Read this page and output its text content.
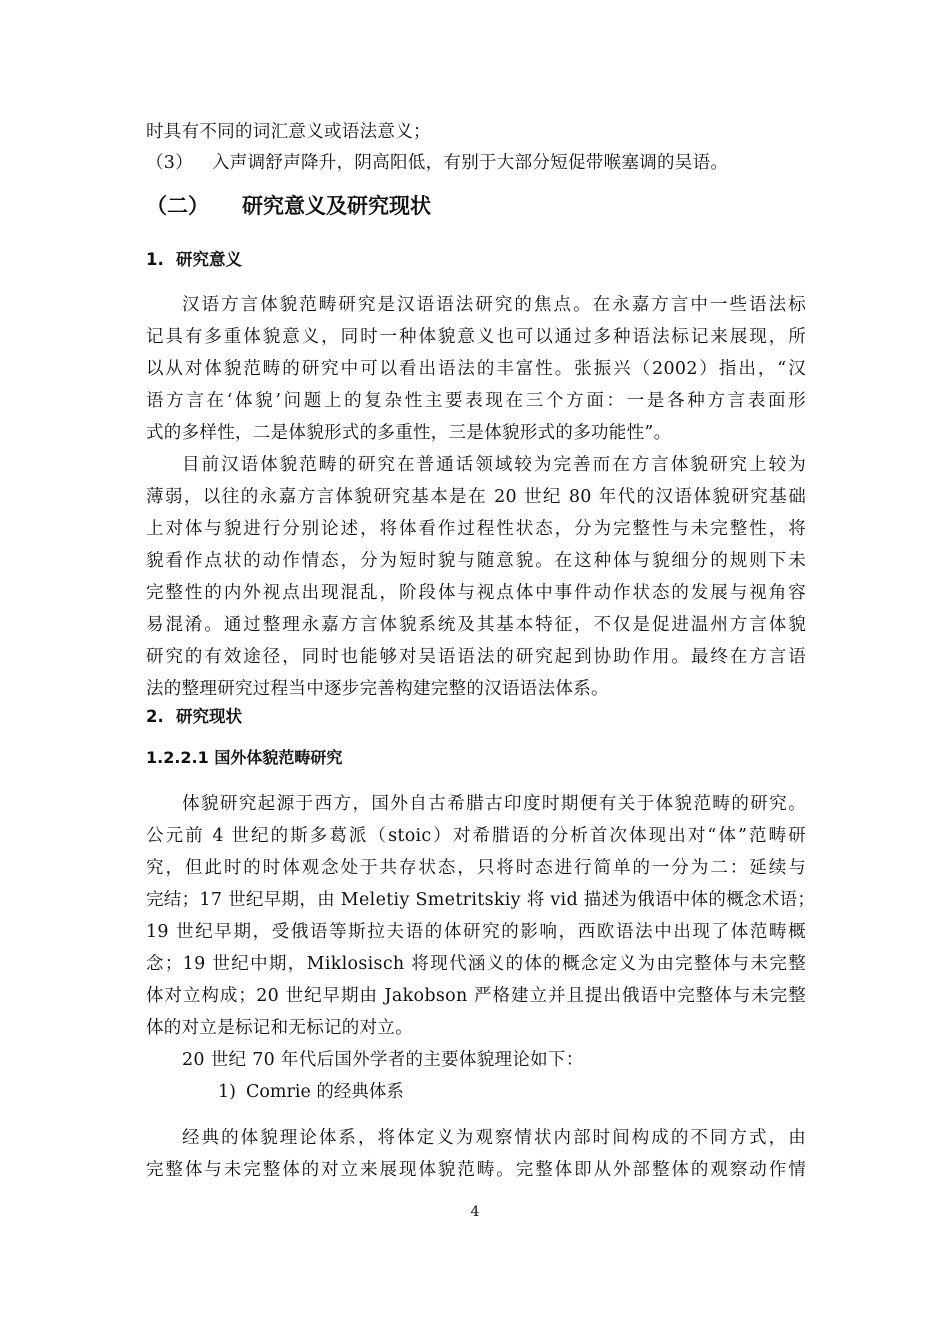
时具有不同的词汇意义或语法意义；
（3） 入声调舒声降升，阴高阳低，有别于大部分短促带喉塞调的吴语。
（二） 研究意义及研究现状
1. 研究意义
汉语方言体貌范畴研究是汉语语法研究的焦点。在永嘉方言中一些语法标
记具有多重体貌意义，同时一种体貌意义也可以通过多种语法标记来展现，所
以从对体貌范畴的研究中可以看出语法的丰富性。张振兴（2002）指出，“汉
语方言在‘体貌’问题上的复杂性主要表现在三个方面：一是各种方言表面形
式的多样性，二是体貌形式的多重性，三是体貌形式的多功能性”。
目前汉语体貌范畴的研究在普通话领域较为完善而在方言体貌研究上较为
薄弱，以往的永嘉方言体貌研究基本是在 20 世纪 80 年代的汉语体貌研究基础
上对体与貌进行分别论述，将体看作过程性状态，分为完整性与未完整性，将
貌看作点状的动作情态，分为短时貌与随意貌。在这种体与貌细分的规则下未
完整性的内外视点出现混乱，阶段体与视点体中事件动作状态的发展与视角容
易混淆。通过整理永嘉方言体貌系统及其基本特征，不仅是促进温州方言体貌
研究的有效途径，同时也能够对吴语语法的研究起到协助作用。最终在方言语
法的整理研究过程当中逐步完善构建完整的汉语语法体系。
2. 研究现状
1.2.2.1 国外体貌范畴研究
体貌研究起源于西方，国外自古希腊古印度时期便有关于体貌范畴的研究。
公元前 4 世纪的斯多葛派（stoic）对希腊语的分析首次体现出对“体”范畴研
究，但此时的时体观念处于共存状态，只将时态进行简单的一分为二：延续与
完结；17 世纪早期，由 Meletiy Smetritskiy 将 vid 描述为俄语中体的概念术语；
19 世纪早期，受俄语等斯拉夫语的体研究的影响，西欧语法中出现了体范畴概
念；19 世纪中期，Miklosisch 将现代涵义的体的概念定义为由完整体与未完整
体对立构成；20 世纪早期由 Jakobson 严格建立并且提出俄语中完整体与未完整
体的对立是标记和无标记的对立。
20 世纪 70 年代后国外学者的主要体貌理论如下：
1) Comrie 的经典体系
经典的体貌理论体系，将体定义为观察情状内部时间构成的不同方式，由
完整体与未完整体的对立来展现体貌范畴。完整体即从外部整体的观察动作情
4
